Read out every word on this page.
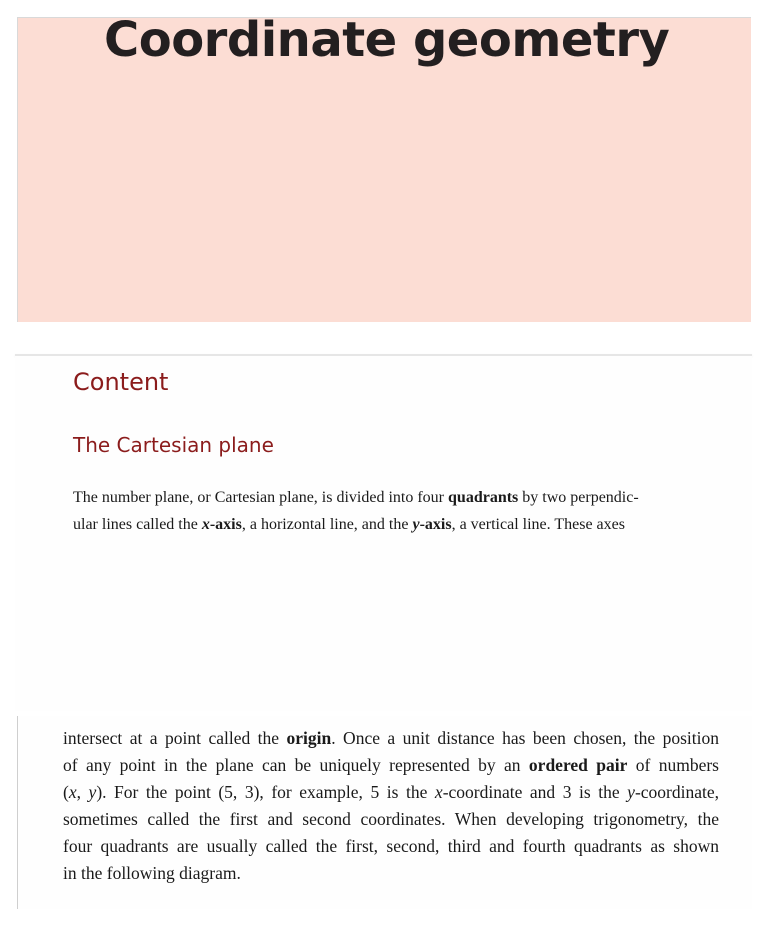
Coordinate geometry
Content
The Cartesian plane

The number plane, or Cartesian plane, is divided into four quadrants by two perpendic-
ular lines called the x-axis, a horizontal line, and the y-axis, a vertical line. These axes

intersect at a point called the origin. Once a unit distance has been chosen, the position
of any point in the plane can be uniquely represented by an ordered pair of numbers
(x, y). For the point (5, 3), for example, 5 is the x-coordinate and 3 is the y-coordinate,
sometimes called the first and second coordinates. When developing trigonometry, the
four quadrants are usually called the first, second, third and fourth quadrants as shown
in the following diagram.
